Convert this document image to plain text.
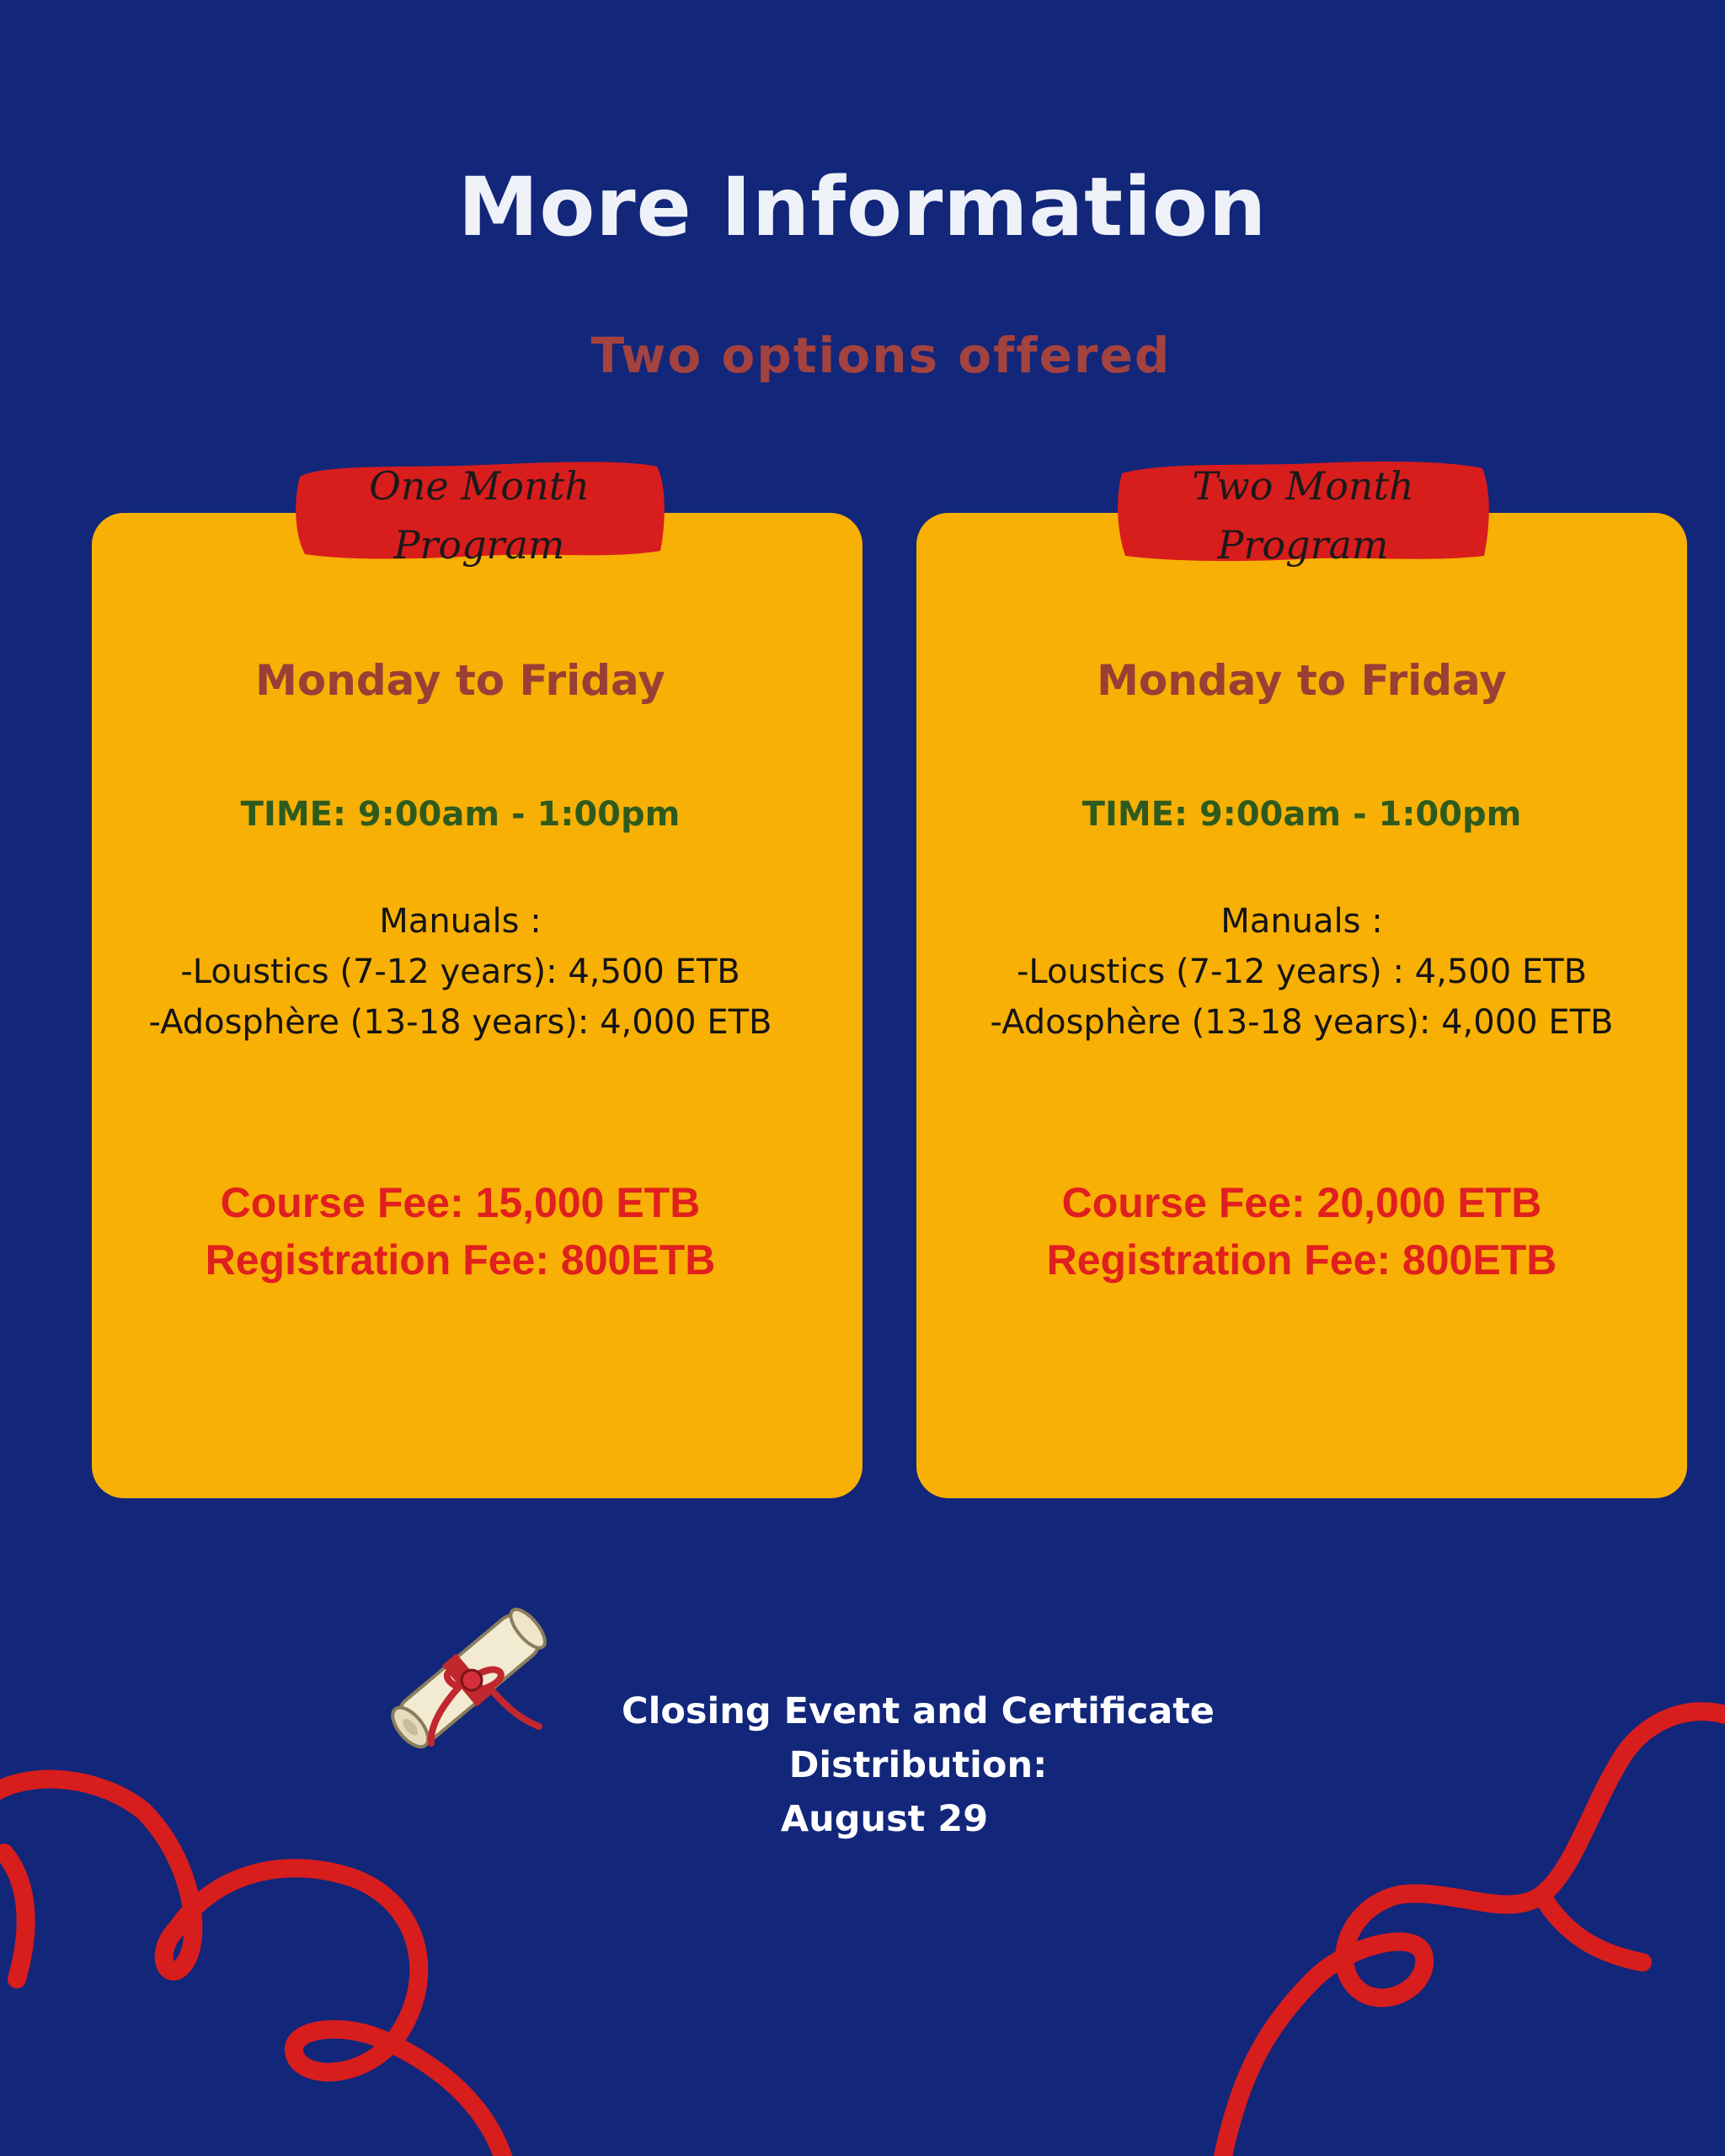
More Information
Two options offered
Monday to Friday
TIME: 9:00am - 1:00pm
Manuals :
-Loustics (7-12 years): 4,500 ETB
-Adosphère (13-18 years): 4,000 ETB
Course Fee: 15,000 ETB
Registration Fee: 800ETB
One Month
Program
Monday to Friday
TIME: 9:00am - 1:00pm
Manuals :
-Loustics (7-12 years) : 4,500 ETB
-Adosphère (13-18 years): 4,000 ETB
Course Fee: 20,000 ETB
Registration Fee: 800ETB
Two Month
Program
Closing Event and Certificate Distribution:
August 29
